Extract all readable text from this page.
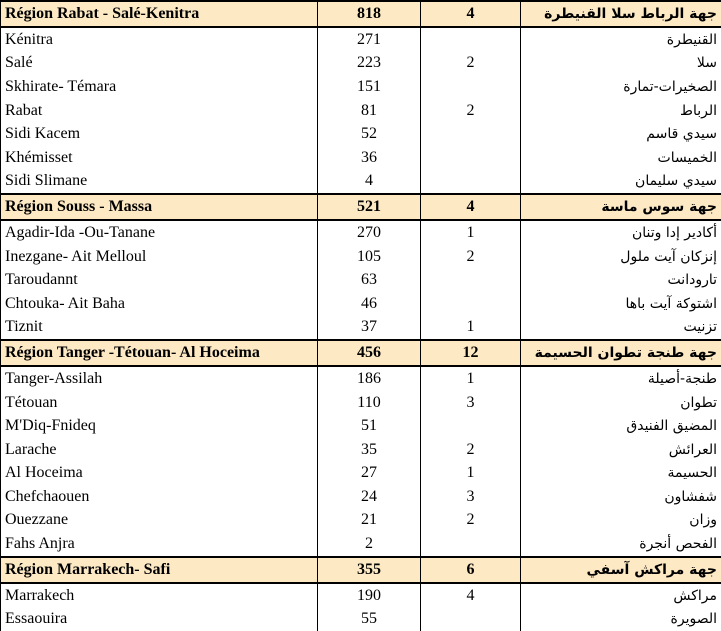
Région Rabat - Salé-Kenitra	818	4	جهة الرباط سلا القنيطرة
Kénitra	271		القنيطرة
Salé	223	2	سلا
Skhirate- Témara	151		الصخيرات-تمارة
Rabat	81	2	الرباط
Sidi Kacem	52		سيدي قاسم
Khémisset	36		الخميسات
Sidi Slimane	4		سيدي سليمان
Région Souss - Massa	521	4	جهة سوس ماسة
Agadir-Ida -Ou-Tanane	270	1	أكادير إدا وتنان
Inezgane- Ait Melloul	105	2	إنزكان آيت ملول
Taroudannt	63		تارودانت
Chtouka- Ait Baha	46		اشتوكة آيت باها
Tiznit	37	1	تزنيت
Région Tanger -Tétouan- Al Hoceima	456	12	جهة طنجة تطوان الحسيمة
Tanger-Assilah	186	1	طنجة-أصيلة
Tétouan	110	3	تطوان
M'Diq-Fnideq	51		المضيق الفنيدق
Larache	35	2	العرائش
Al Hoceima	27	1	الحسيمة
Chefchaouen	24	3	شفشاون
Ouezzane	21	2	وزان
Fahs Anjra	2		الفحص أنجرة
Région Marrakech- Safi	355	6	جهة مراكش آسفي
Marrakech	190	4	مراكش
Essaouira	55		الصويرة
